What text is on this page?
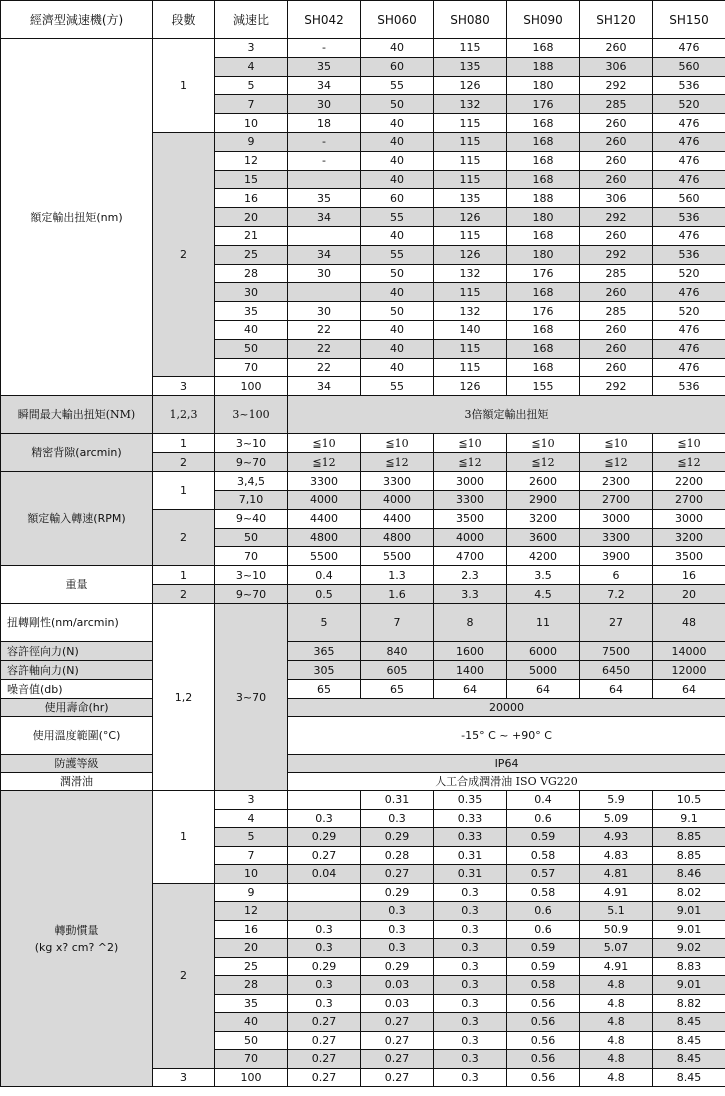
經濟型減速機(方)	段數	減速比	SH042	SH060	SH080	SH090	SH120	SH150
額定輸出扭矩(nm)	1	3	-	40	115	168	260	476
		4	35	60	135	188	306	560
		5	34	55	126	180	292	536
		7	30	50	132	176	285	520
		10	18	40	115	168	260	476
	2	9	-	40	115	168	260	476
		12	-	40	115	168	260	476
		15		40	115	168	260	476
		16	35	60	135	188	306	560
		20	34	55	126	180	292	536
		21		40	115	168	260	476
		25	34	55	126	180	292	536
		28	30	50	132	176	285	520
		30		40	115	168	260	476
		35	30	50	132	176	285	520
		40	22	40	140	168	260	476
		50	22	40	115	168	260	476
		70	22	40	115	168	260	476
	3	100	34	55	126	155	292	536
瞬間最大輸出扭矩(NM)	1,2,3	3~100	3倍額定輸出扭矩					
精密背隙(arcmin)	1	3~10	≦10	≦10	≦10	≦10	≦10	≦10
	2	9~70	≦12	≦12	≦12	≦12	≦12	≦12
額定輸入轉速(RPM)	1	3,4,5	3300	3300	3000	2600	2300	2200
		7,10	4000	4000	3300	2900	2700	2700
	2	9~40	4400	4400	3500	3200	3000	3000
		50	4800	4800	4000	3600	3300	3200
		70	5500	5500	4700	4200	3900	3500
重量	1	3~10	0.4	1.3	2.3	3.5	6	16
	2	9~70	0.5	1.6	3.3	4.5	7.2	20
扭轉剛性(nm/arcmin)	1,2	3~70	5	7	8	11	27	48
容許徑向力(N)			365	840	1600	6000	7500	14000
容許軸向力(N)			305	605	1400	5000	6450	12000
噪音值(db)			65	65	64	64	64	64
使用壽命(hr)			20000					
使用溫度範圍(°C)			-15° C ~ +90° C					
防護等級			IP64					
潤滑油			人工合成潤滑油 ISO VG220					

轉動慣量
(kg x? cm? ^2)	1	3		0.31	0.35	0.4	5.9	10.5
		4	0.3	0.3	0.33	0.6	5.09	9.1
		5	0.29	0.29	0.33	0.59	4.93	8.85
		7	0.27	0.28	0.31	0.58	4.83	8.85
		10	0.04	0.27	0.31	0.57	4.81	8.46
	2	9		0.29	0.3	0.58	4.91	8.02
		12		0.3	0.3	0.6	5.1	9.01
		16	0.3	0.3	0.3	0.6	50.9	9.01
		20	0.3	0.3	0.3	0.59	5.07	9.02
		25	0.29	0.29	0.3	0.59	4.91	8.83
		28	0.3	0.03	0.3	0.58	4.8	9.01
		35	0.3	0.03	0.3	0.56	4.8	8.82
		40	0.27	0.27	0.3	0.56	4.8	8.45
		50	0.27	0.27	0.3	0.56	4.8	8.45
		70	0.27	0.27	0.3	0.56	4.8	8.45
	3	100	0.27	0.27	0.3	0.56	4.8	8.45
